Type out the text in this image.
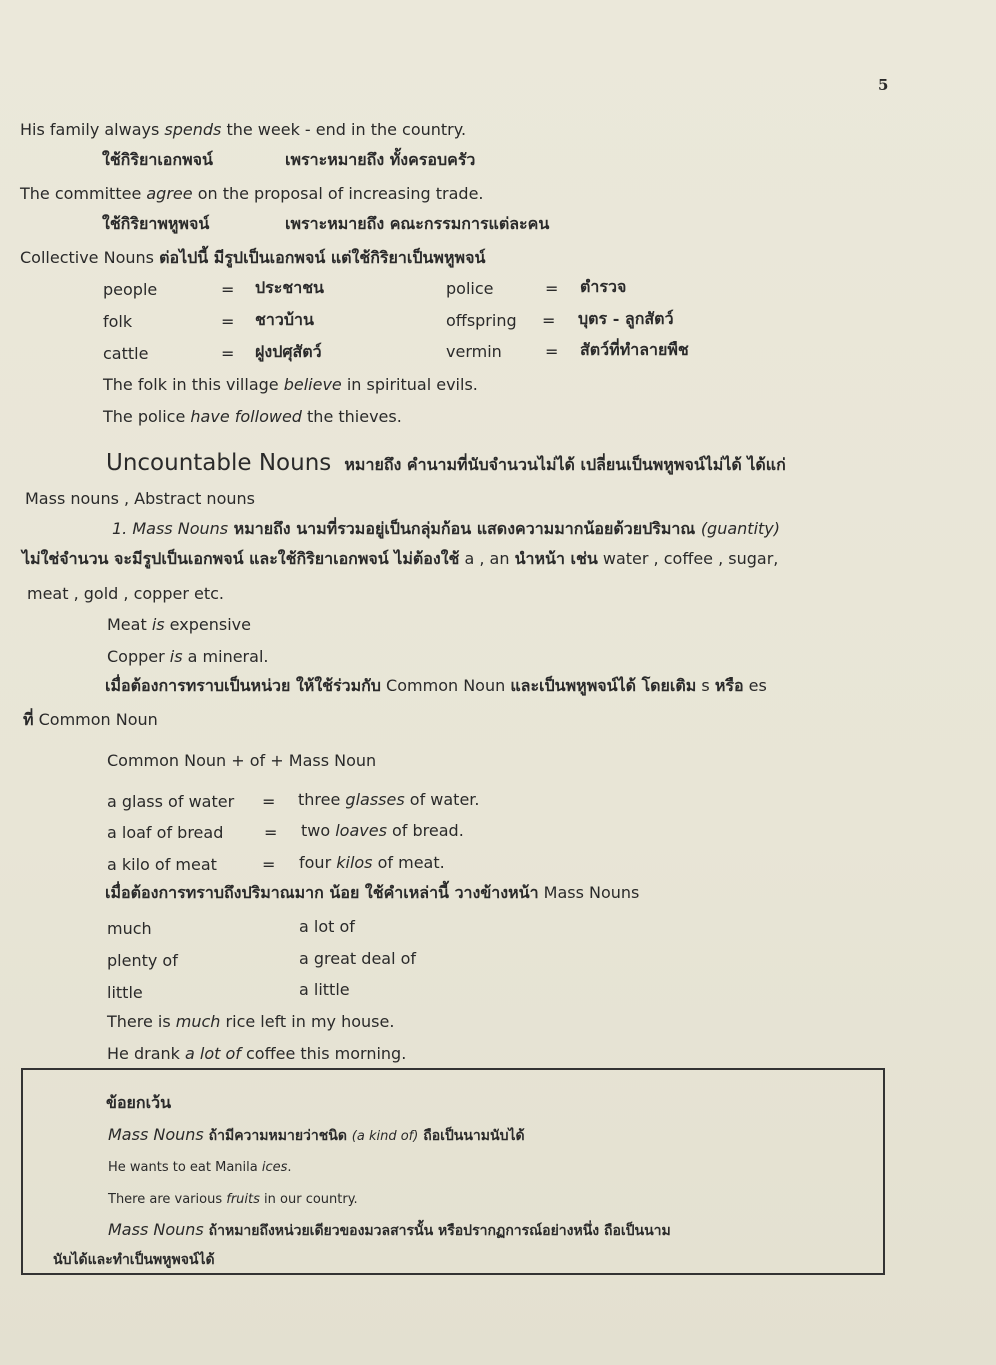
5
His family always spends the week - end in the country.
ใช้กิริยาเอกพจน์	เพราะหมายถึง ทั้งครอบครัว
The committee agree on the proposal of increasing trade.
ใช้กิริยาพหูพจน์	เพราะหมายถึง คณะกรรมการแต่ละคน
Collective Nouns ต่อไปนี้ มีรูปเป็นเอกพจน์ แต่ใช้กิริยาเป็นพหูพจน์
people	= ประชาชน	police	= ตำรวจ
folk	= ชาวบ้าน	offspring = บุตร - ลูกสัตว์
cattle	= ฝูงปศุสัตว์	vermin	= สัตว์ที่ทำลายพืช
The folk in this village believe in spiritual evils.
The police have followed the thieves.
Uncountable Nouns หมายถึง คำนามที่นับจำนวนไม่ได้ เปลี่ยนเป็นพหูพจน์ไม่ได้ ได้แก่
Mass nouns , Abstract nouns
1. Mass Nouns หมายถึง นามที่รวมอยู่เป็นกลุ่มก้อน แสดงความมากน้อยด้วยปริมาณ (guantity)
ไม่ใช่จำนวน จะมีรูปเป็นเอกพจน์ และใช้กิริยาเอกพจน์ ไม่ต้องใช้ a , an นำหน้า เช่น water , coffee , sugar,
meat , gold , copper etc.
Meat is expensive
Copper is a mineral.
เมื่อต้องการทราบเป็นหน่วย ให้ใช้ร่วมกับ Common Noun และเป็นพหูพจน์ได้ โดยเติม s หรือ es
ที่ Common Noun
Common Noun + of + Mass Noun
a glass of water = three glasses of water.
a loaf of bread	= two loaves of bread.
a kilo of meat	= four kilos of meat.
เมื่อต้องการทราบถึงปริมาณมาก น้อย ใช้คำเหล่านี้ วางข้างหน้า Mass Nouns
much	a lot of
plenty of	a great deal of
little	a little
There is much rice left in my house.
He drank a lot of coffee this morning.
ข้อยกเว้น
Mass Nouns ถ้ามีความหมายว่าชนิด (a kind of) ถือเป็นนามนับได้
He wants to eat Manila ices.
There are various fruits in our country.
Mass Nouns ถ้าหมายถึงหน่วยเดียวของมวลสารนั้น หรือปรากฏการณ์อย่างหนึ่ง ถือเป็นนาม
นับได้และทำเป็นพหูพจน์ได้
